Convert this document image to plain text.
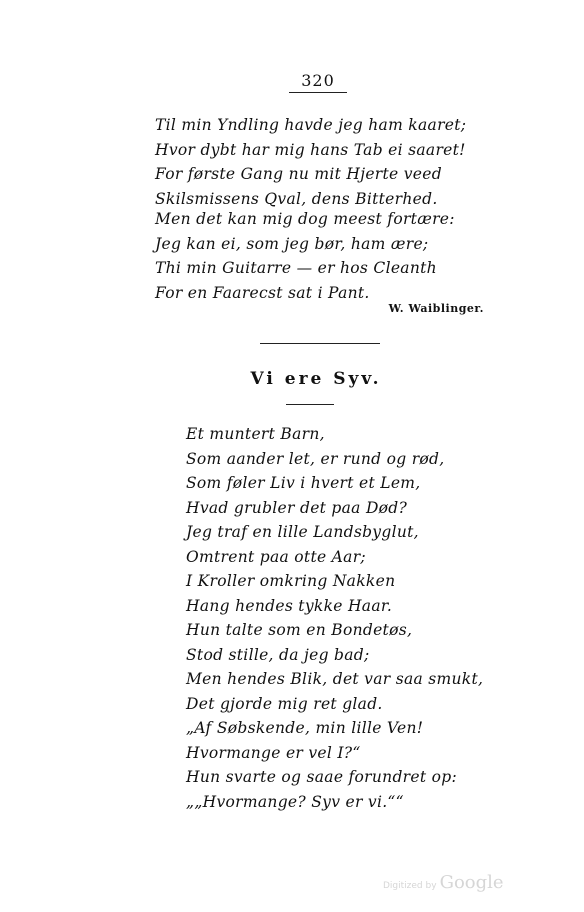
320
Til min Yndling havde jeg ham kaaret;
Hvor dybt har mig hans Tab ei saaret!
For første Gang nu mit Hjerte veed
Skilsmissens Qval, dens Bitterhed.
Men det kan mig dog meest fortære:
Jeg kan ei, som jeg bør, ham ære;
Thi min Guitarre — er hos Cleanth
For en Faarecst sat i Pant.
W. Waiblinger.
Vi ere Syv.
Et muntert Barn,
Som aander let, er rund og rød,
Som føler Liv i hvert et Lem,
Hvad grubler det paa Død?
Jeg traf en lille Landsbyglut,
Omtrent paa otte Aar;
I Kroller omkring Nakken
Hang hendes tykke Haar.
Hun talte som en Bondetøs,
Stod stille, da jeg bad;
Men hendes Blik, det var saa smukt,
Det gjorde mig ret glad.
„Af Søbskende, min lille Ven!
Hvormange er vel I?“
Hun svarte og saae forundret op:
„„Hvormange? Syv er vi.““
Digitized by Google
